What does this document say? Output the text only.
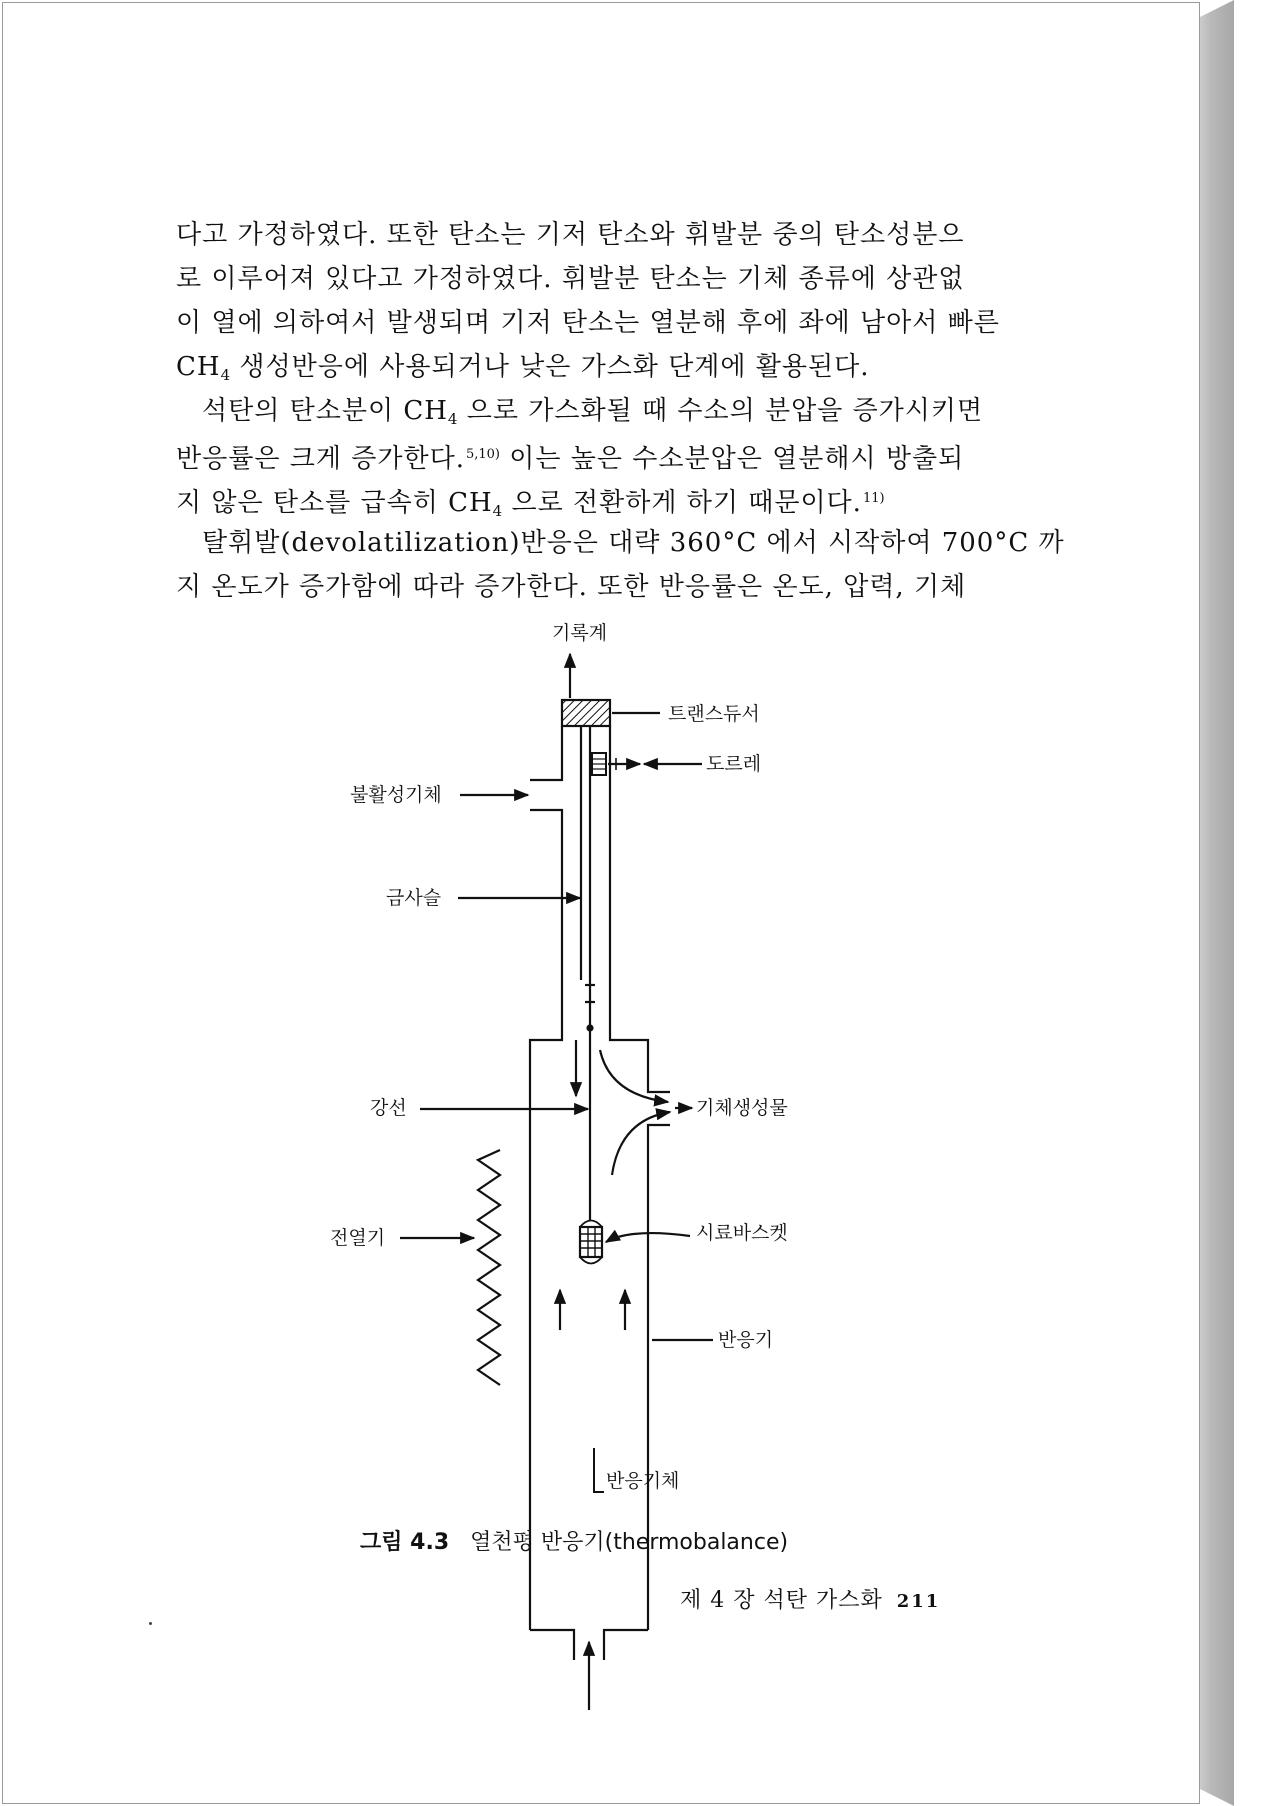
다고 가정하였다. 또한 탄소는 기저 탄소와 휘발분 중의 탄소성분으
로 이루어져 있다고 가정하였다. 휘발분 탄소는 기체 종류에 상관없
이 열에 의하여서 발생되며 기저 탄소는 열분해 후에 좌에 남아서 빠른
$CH_4$ 생성반응에 사용되거나 낮은 가스화 단계에 활용된다.
석탄의 탄소분이 $CH_4$ 으로 가스화될 때 수소의 분압을 증가시키면
반응률은 크게 증가한다.$^{5,10)}$ 이는 높은 수소분압은 열분해시 방출되
지 않은 탄소를 급속히 $CH_4$ 으로 전환하게 하기 때문이다.$^{11)}$
탈휘발(devolatilization)반응은 대략 360°C 에서 시작하여 700°C 까
지 온도가 증가함에 따라 증가한다. 또한 반응률은 온도, 압력, 기체
기록계
트랜스듀서
도르레
불활성기체
금사슬
강선	기체생성물
전열기	시료바스켓
반응기
반응기체
그림 4.3 열천평 반응기(thermobalance)
제 4 장 석탄 가스화 211
